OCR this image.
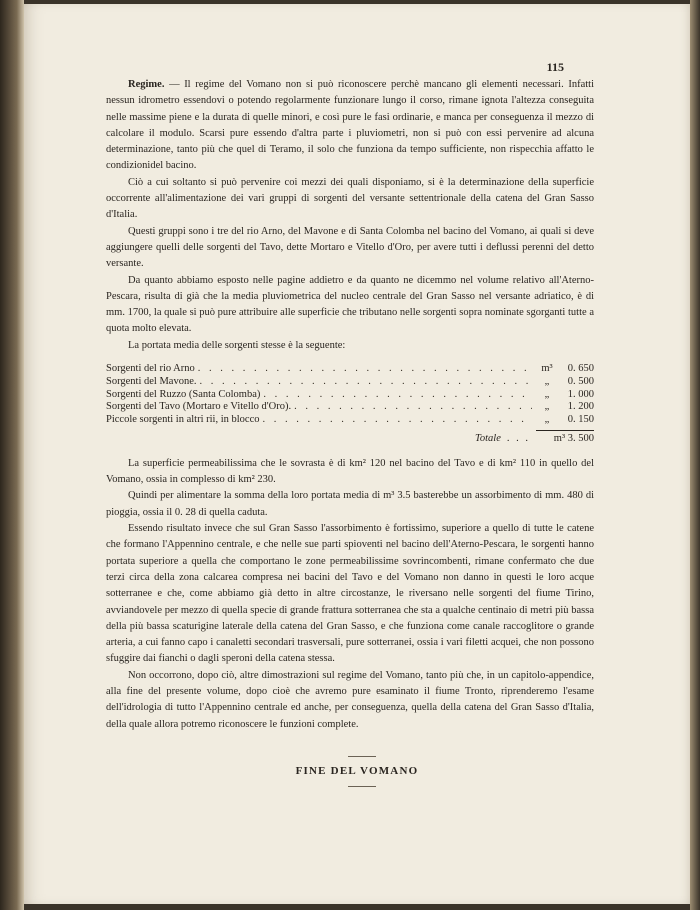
115

Regime. — Il regime del Vomano non si può riconoscere perchè mancano gli elementi necessari. Infatti nessun idrometro essendovi o potendo regolarmente funzionare lungo il corso, rimane ignota l'altezza conseguita nelle massime piene e la durata di quelle minori, e così pure le fasi ordinarie, e manca per conseguenza il mezzo di calcolare il modulo. Scarsi pure essendo d'altra parte i pluviometri, non si può con essi pervenire ad alcuna determinazione, tanto più che quel di Teramo, il solo che funziona da tempo sufficiente, non rispecchia affatto le condizionidel bacino.

Ciò a cui soltanto si può pervenire coi mezzi dei quali disponiamo, si è la determinazione della superficie occorrente all'alimentazione dei vari gruppi di sorgenti del versante settentrionale della catena del Gran Sasso d'Italia.

Questi gruppi sono i tre del rio Arno, del Mavone e di Santa Colomba nel bacino del Vomano, ai quali si deve aggiungere quelli delle sorgenti del Tavo, dette Mortaro e Vitello d'Oro, per avere tutti i deflussi perenni del detto versante.

Da quanto abbiamo esposto nelle pagine addietro e da quanto ne dicemmo nel volume relativo all'Aterno-Pescara, risulta di già che la media pluviometrica del nucleo centrale del Gran Sasso nel versante adriatico, è di mm. 1700, la quale si può pure attribuire alle superficie che tributano nelle sorgenti sopra nominate sgorganti tutte a quota molto elevata.

La portata media delle sorgenti stesse è la seguente:

Sorgenti del rio Arno . . .	m³	0. 650
Sorgenti del Mavone. . . .	„	0. 500
Sorgenti del Ruzzo (Santa Colomba) . . .	„	1. 000
Sorgenti del Tavo (Mortaro e Vitello d'Oro). . . .	„	1. 200
Piccole sorgenti in altri rii, in blocco . . .	„	0. 150
Totale . . .	m³ 3. 500

La superficie permeabilissima che le sovrasta è di km² 120 nel bacino del Tavo e di km² 110 in quello del Vomano, ossia in complesso di km² 230.

Quindi per alimentare la somma della loro portata media di m³ 3.5 basterebbe un assorbimento di mm. 480 di pioggia, ossia il 0. 28 di quella caduta.

Essendo risultato invece che sul Gran Sasso l'assorbimento è fortissimo, superiore a quello di tutte le catene che formano l'Appennino centrale, e che nelle sue parti spioventi nel bacino dell'Aterno-Pescara, le sorgenti hanno portata superiore a quella che comportano le zone permeabilissime sovrincombenti, rimane confermato che due terzi circa della zona calcarea compresa nei bacini del Tavo e del Vomano non danno in questi le loro acque sotterranee e che, come abbiamo già detto in altre circostanze, le riversano nelle sorgenti del fiume Tirino, avviandovele per mezzo di quella specie di grande frattura sotterranea che sta a qualche centinaio di metri più bassa della più bassa scaturigine laterale della catena del Gran Sasso, e che funziona come canale raccoglitore o grande arteria, a cui fanno capo i canaletti secondari trasversali, pure sotterranei, ossia i vari filetti acquei, che non possono sfuggire dai fianchi o dagli speroni della catena stessa.

Non occorrono, dopo ciò, altre dimostrazioni sul regime del Vomano, tanto più che, in un capitolo-appendice, alla fine del presente volume, dopo cioè che avremo pure esaminato il fiume Tronto, riprenderemo l'esame dell'idrologia di tutto l'Appennino centrale ed anche, per conseguenza, quella della catena del Gran Sasso d'Italia, della quale allora potremo riconoscere le funzioni complete.

FINE DEL VOMANO
